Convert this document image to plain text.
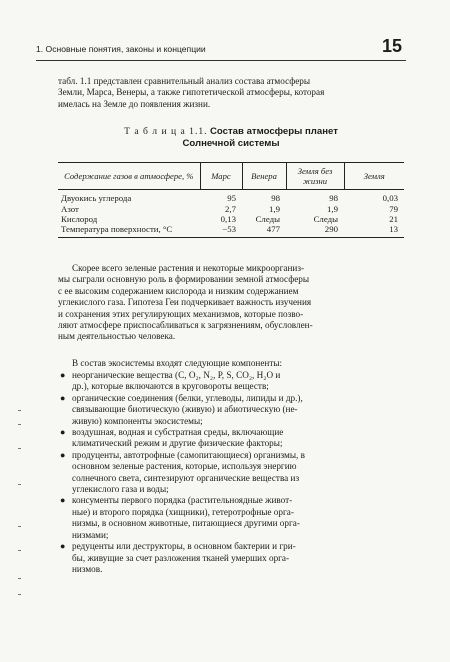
1. Основные понятия, законы и концепции	15
табл. 1.1 представлен сравнительный анализ состава атмосферы
Земли, Марса, Венеры, а также гипотетической атмосферы, которая
имелась на Земле до появления жизни.
Т а б л и ц а 1.1. Состав атмосферы планет
Солнечной системы
Содержание газов в атмосфере, %	Марс	Венера	Земля без жизни	Земля
Двуокись углерода	95	98	98	0,03
Азот	2,7	1,9	1,9	79
Кислород	0,13	Следы	Следы	21
Температура поверхности, °С	−53	477	290	13
Скорее всего зеленые растения и некоторые микроорганиз-
мы сыграли основную роль в формировании земной атмосферы
с ее высоким содержанием кислорода и низким содержанием
углекислого газа. Гипотеза Геи подчеркивает важность изучения
и сохранения этих регулирующих механизмов, которые позво-
ляют атмосфере приспосабливаться к загрязнениям, обусловлен-
ным деятельностью человека.
В состав экосистемы входят следующие компоненты:
● неорганические вещества (C, O₂, N₂, P, S, CO₂, H₂O и
др.), которые включаются в круговороты веществ;
● органические соединения (белки, углеводы, липиды и др.),
связывающие биотическую (живую) и абиотическую (не-
живую) компоненты экосистемы;
● воздушная, водная и субстратная среды, включающие
климатический режим и другие физические факторы;
● продуценты, автотрофные (самопитающиеся) организмы, в
основном зеленые растения, которые, используя энергию
солнечного света, синтезируют органические вещества из
углекислого газа и воды;
● консументы первого порядка (растительноядные живот-
ные) и второго порядка (хищники), гетеротрофные орга-
низмы, в основном животные, питающиеся другими орга-
низмами;
● редуценты или деструкторы, в основном бактерии и гри-
бы, живущие за счет разложения тканей умерших орга-
низмов.
